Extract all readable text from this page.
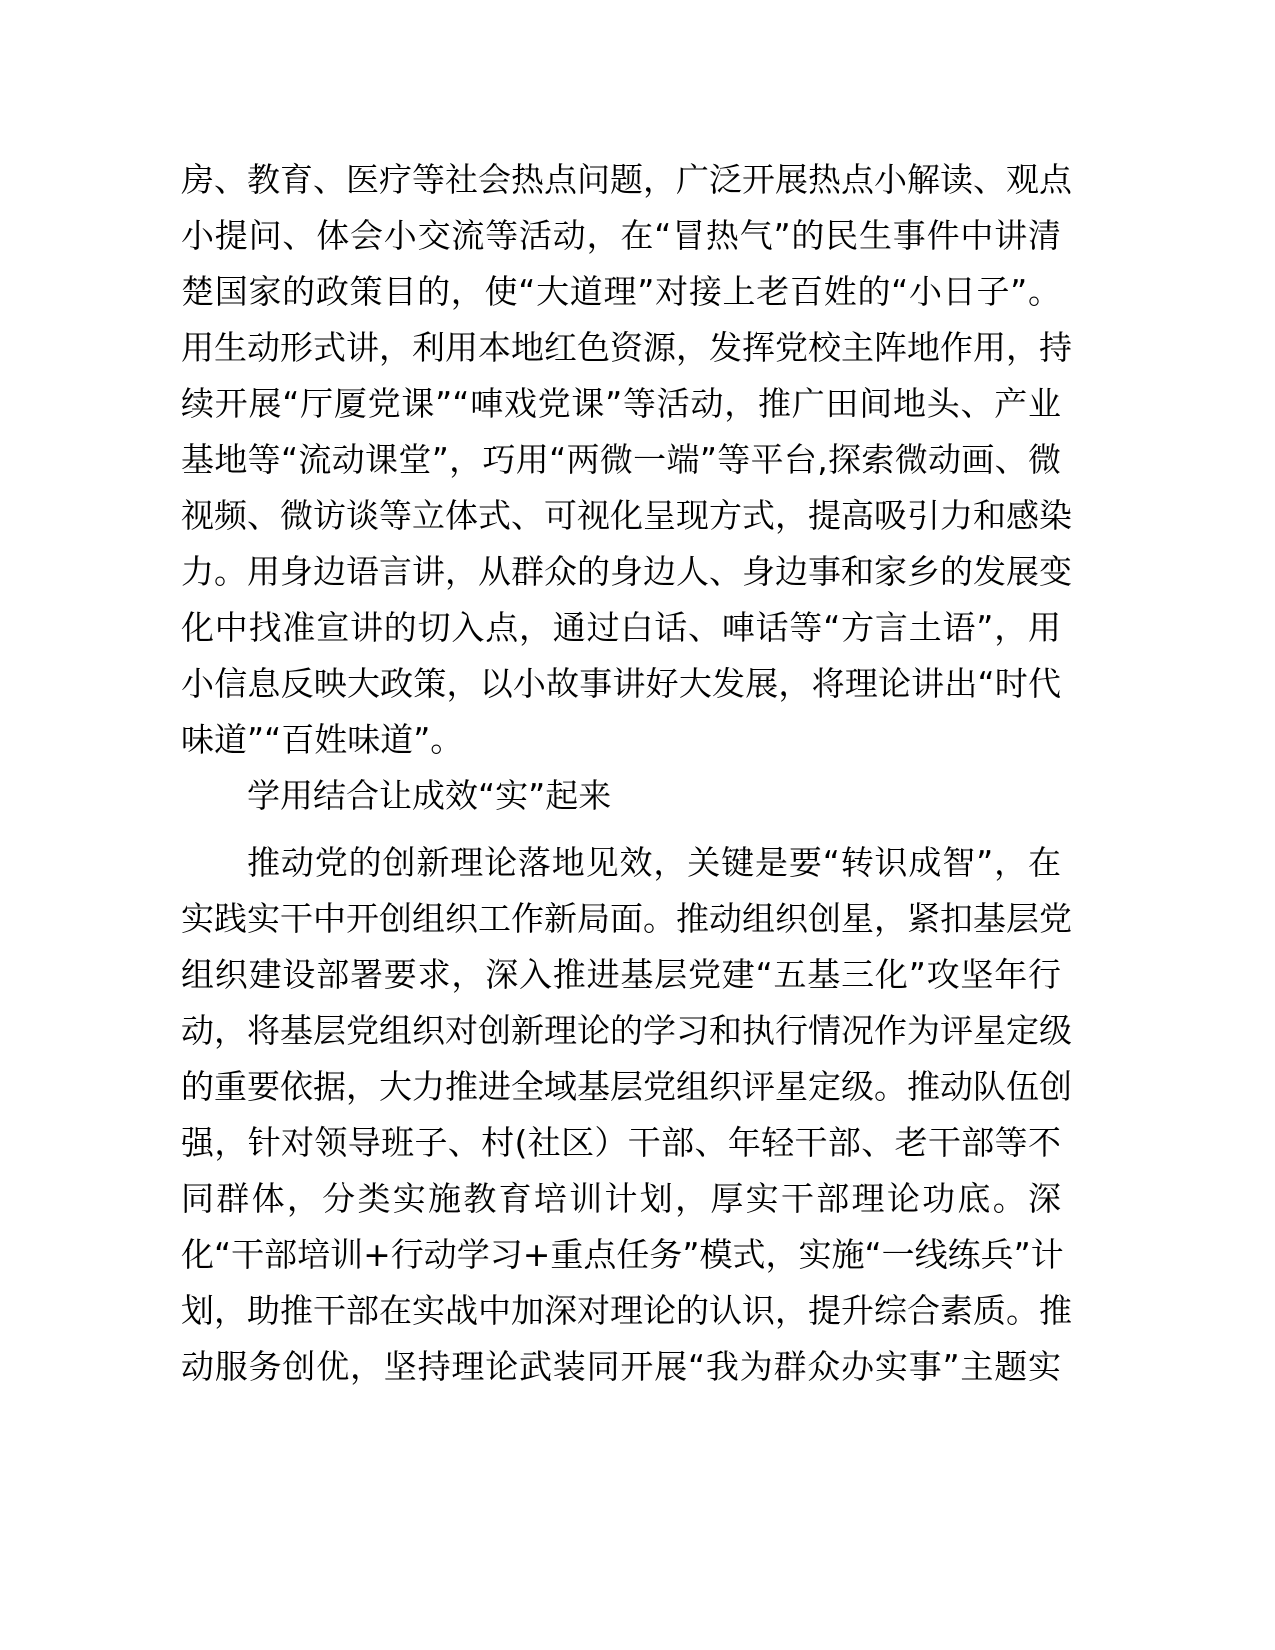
房、教育、医疗等社会热点问题，广泛开展热点小解读、观点
小提问、体会小交流等活动，在“冒热气”的民生事件中讲清
楚国家的政策目的，使“大道理”对接上老百姓的“小日子”。
用生动形式讲，利用本地红色资源，发挥党校主阵地作用，持
续开展“厅厦党课”“唓戏党课”等活动，推广田间地头、产业
基地等“流动课堂”，巧用“两微一端”等平台,探索微动画、微
视频、微访谈等立体式、可视化呈现方式，提高吸引力和感染
力。用身边语言讲，从群众的身边人、身边事和家乡的发展变
化中找准宣讲的切入点，通过白话、唓话等“方言土语”，用
小信息反映大政策，以小故事讲好大发展，将理论讲出“时代
味道”“百姓味道”。
学用结合让成效“实”起来
推动党的创新理论落地见效，关键是要“转识成智”，在
实践实干中开创组织工作新局面。推动组织创星，紧扣基层党
组织建设部署要求，深入推进基层党建“五基三化”攻坚年行
动，将基层党组织对创新理论的学习和执行情况作为评星定级
的重要依据，大力推进全域基层党组织评星定级。推动队伍创
强，针对领导班子、村(社区）干部、年轻干部、老干部等不
同群体，分类实施教育培训计划，厚实干部理论功底。深
化“干部培训+行动学习+重点任务”模式，实施“一线练兵”计
划，助推干部在实战中加深对理论的认识，提升综合素质。推
动服务创优，坚持理论武装同开展“我为群众办实事”主题实
